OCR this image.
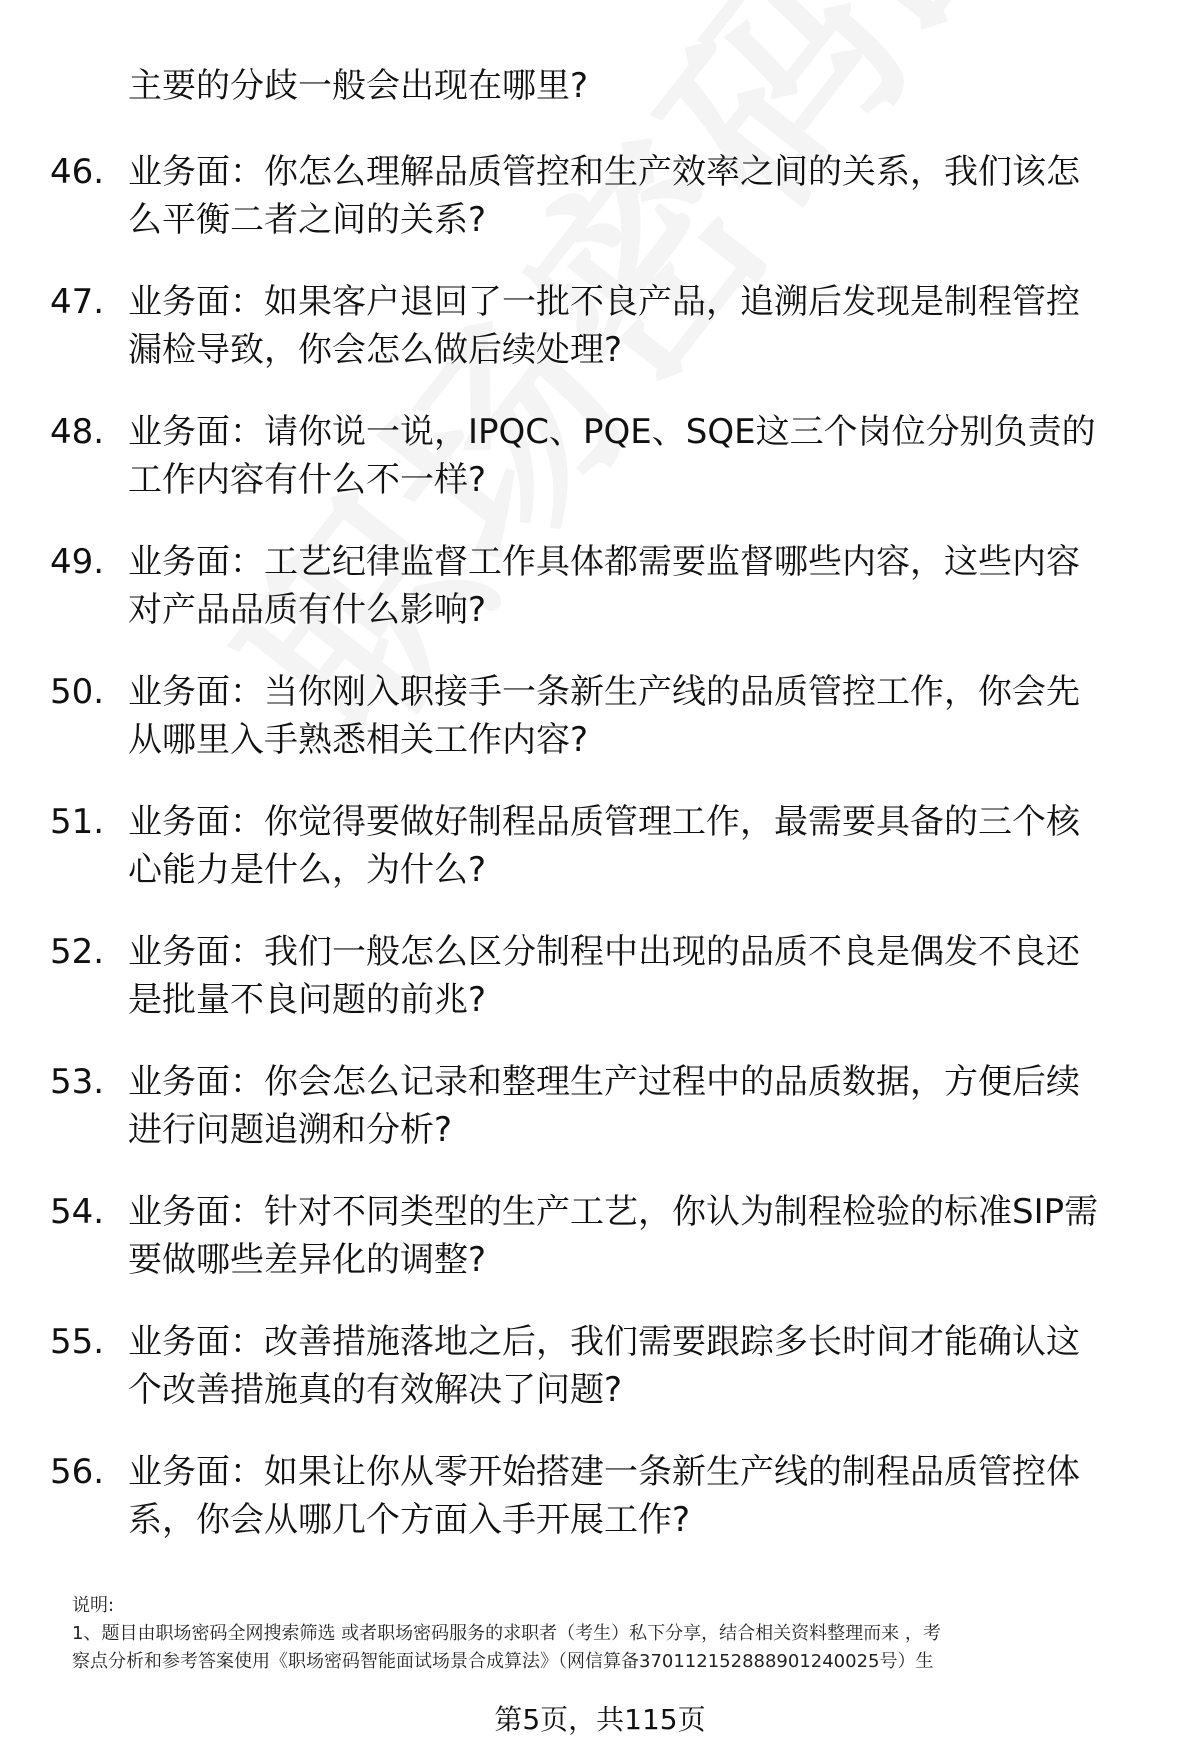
主要的分歧一般会出现在哪里?
46. 业务面：你怎么理解品质管控和生产效率之间的关系，我们该怎
么平衡二者之间的关系?
47. 业务面：如果客户退回了一批不良产品，追溯后发现是制程管控
漏检导致，你会怎么做后续处理?
48. 业务面：请你说一说，IPQC、PQE、SQE这三个岗位分别负责的
工作内容有什么不一样?
49. 业务面：工艺纪律监督工作具体都需要监督哪些内容，这些内容
对产品品质有什么影响?
50. 业务面：当你刚入职接手一条新生产线的品质管控工作，你会先
从哪里入手熟悉相关工作内容?
51. 业务面：你觉得要做好制程品质管理工作，最需要具备的三个核
心能力是什么，为什么?
52. 业务面：我们一般怎么区分制程中出现的品质不良是偶发不良还
是批量不良问题的前兆?
53. 业务面：你会怎么记录和整理生产过程中的品质数据，方便后续
进行问题追溯和分析?
54. 业务面：针对不同类型的生产工艺，你认为制程检验的标准SIP需
要做哪些差异化的调整?
55. 业务面：改善措施落地之后，我们需要跟踪多长时间才能确认这
个改善措施真的有效解决了问题?
56. 业务面：如果让你从零开始搭建一条新生产线的制程品质管控体
系，你会从哪几个方面入手开展工作?
说明:
1、题目由职场密码全网搜索筛选 或者职场密码服务的求职者（考生）私下分享，结合相关资料整理而来 ，考
察点分析和参考答案使用《职场密码智能面试场景合成算法》（网信算备370112152888901240025号）生
第5页，共115页
